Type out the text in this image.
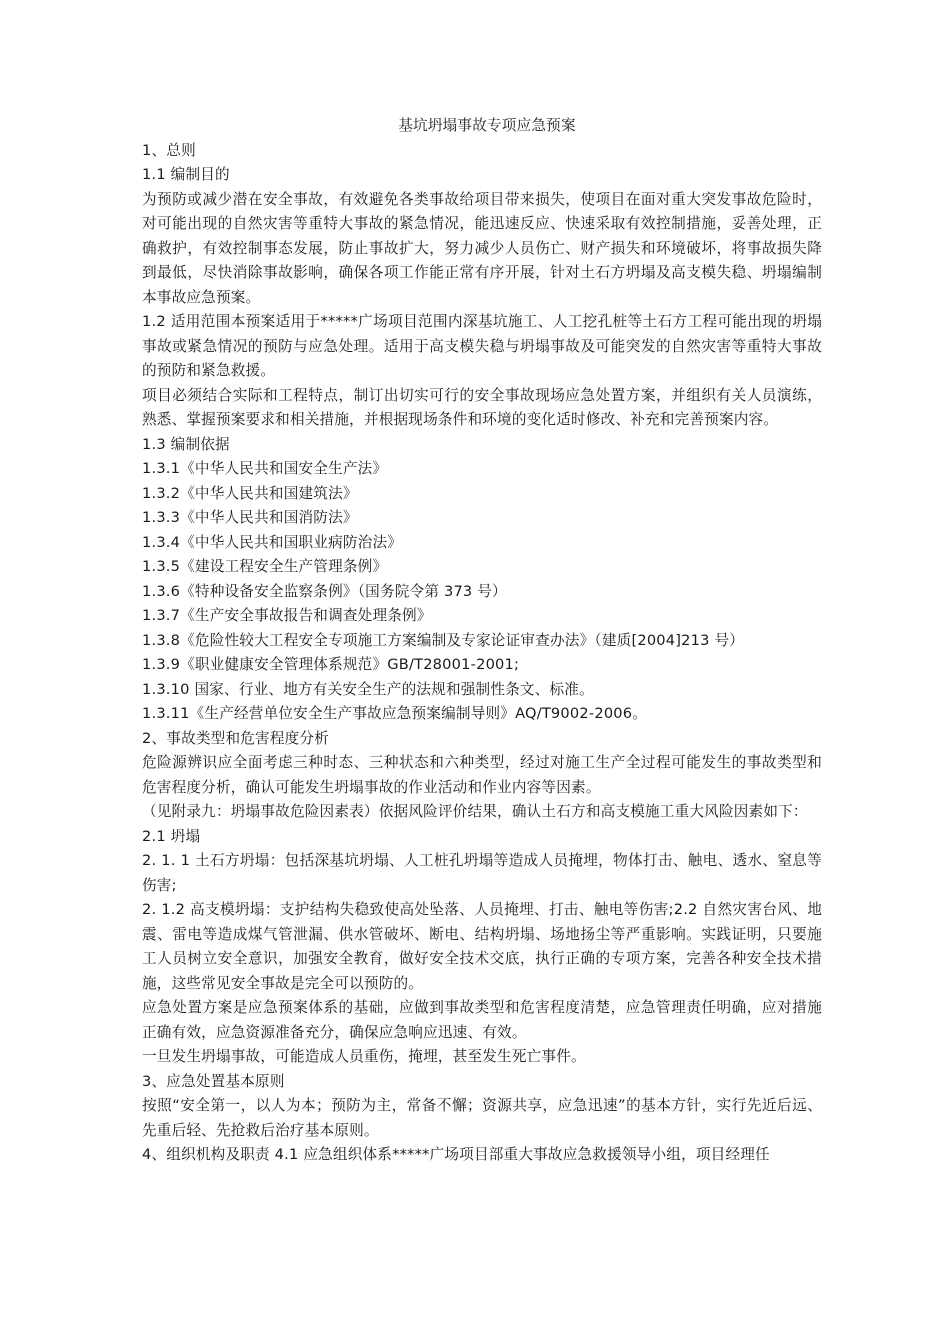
基坑坍塌事故专项应急预案

1、总则

1.1 编制目的

为预防或减少潜在安全事故，有效避免各类事故给项目带来损失，使项目在面对重大突发事故危险时，对可能出现的自然灾害等重特大事故的紧急情况，能迅速反应、快速采取有效控制措施，妥善处理，正确救护，有效控制事态发展，防止事故扩大，努力减少人员伤亡、财产损失和环境破坏，将事故损失降到最低，尽快消除事故影响，确保各项工作能正常有序开展，针对土石方坍塌及高支模失稳、坍塌编制本事故应急预案。

1.2 适用范围本预案适用于*****广场项目范围内深基坑施工、人工挖孔桩等土石方工程可能出现的坍塌事故或紧急情况的预防与应急处理。适用于高支模失稳与坍塌事故及可能突发的自然灾害等重特大事故的预防和紧急救援。

项目必须结合实际和工程特点，制订出切实可行的安全事故现场应急处置方案，并组织有关人员演练，熟悉、掌握预案要求和相关措施，并根据现场条件和环境的变化适时修改、补充和完善预案内容。

1.3 编制依据

1.3.1《中华人民共和国安全生产法》

1.3.2《中华人民共和国建筑法》

1.3.3《中华人民共和国消防法》

1.3.4《中华人民共和国职业病防治法》

1.3.5《建设工程安全生产管理条例》

1.3.6《特种设备安全监察条例》（国务院令第 373 号）

1.3.7《生产安全事故报告和调查处理条例》

1.3.8《危险性较大工程安全专项施工方案编制及专家论证审查办法》（建质[2004]213 号）

1.3.9《职业健康安全管理体系规范》GB/T28001-2001;

1.3.10 国家、行业、地方有关安全生产的法规和强制性条文、标准。

1.3.11《生产经营单位安全生产事故应急预案编制导则》AQ/T9002-2006。

2、事故类型和危害程度分析

危险源辨识应全面考虑三种时态、三种状态和六种类型，经过对施工生产全过程可能发生的事故类型和危害程度分析，确认可能发生坍塌事故的作业活动和作业内容等因素。

（见附录九：坍塌事故危险因素表）依据风险评价结果，确认土石方和高支模施工重大风险因素如下：

2.1 坍塌

2. 1. 1 土石方坍塌：包括深基坑坍塌、人工桩孔坍塌等造成人员掩埋，物体打击、触电、透水、窒息等伤害;

2. 1.2 高支模坍塌：支护结构失稳致使高处坠落、人员掩埋、打击、触电等伤害;2.2 自然灾害台风、地震、雷电等造成煤气管泄漏、供水管破坏、断电、结构坍塌、场地扬尘等严重影响。实践证明，只要施工人员树立安全意识，加强安全教育，做好安全技术交底，执行正确的专项方案，完善各种安全技术措施，这些常见安全事故是完全可以预防的。

应急处置方案是应急预案体系的基础，应做到事故类型和危害程度清楚，应急管理责任明确，应对措施正确有效，应急资源准备充分，确保应急响应迅速、有效。

一旦发生坍塌事故，可能造成人员重伤，掩埋，甚至发生死亡事件。

3、应急处置基本原则

按照“安全第一，以人为本；预防为主，常备不懈；资源共享，应急迅速”的基本方针，实行先近后远、先重后轻、先抢救后治疗基本原则。

4、组织机构及职责 4.1 应急组织体系*****广场项目部重大事故应急救援领导小组，项目经理任
